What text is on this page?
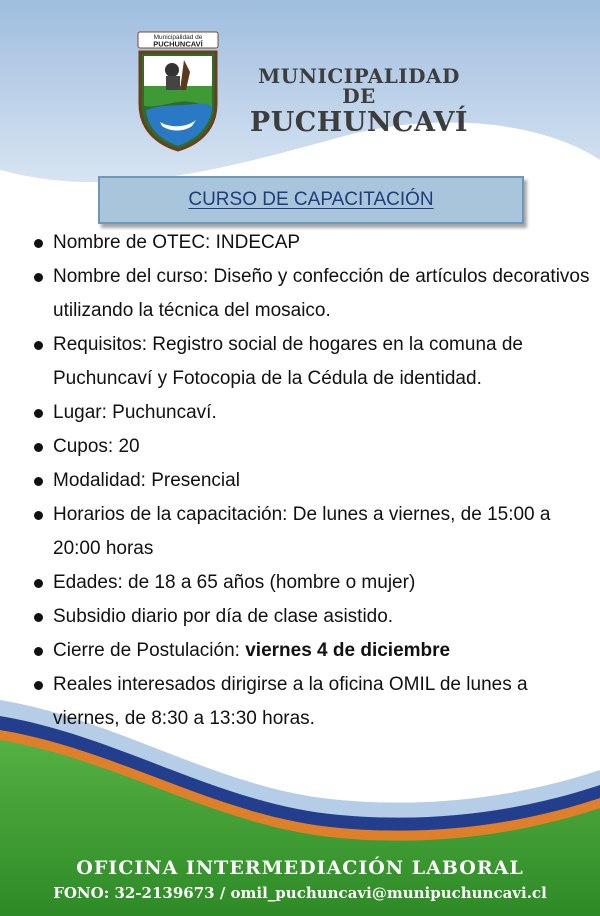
Municipalidad de
PUCHUNCAVÍ
MUNICIPALIDAD DE
PUCHUNCAVÍ
CURSO DE CAPACITACIÓN
Nombre de OTEC: INDECAP
Nombre del curso: Diseño y confección de artículos decorativos utilizando la técnica del mosaico.
Requisitos: Registro social de hogares en la comuna de Puchuncaví y Fotocopia de la Cédula de identidad.
Lugar: Puchuncaví.
Cupos: 20
Modalidad: Presencial
Horarios de la capacitación: De lunes a viernes, de 15:00 a 20:00 horas
Edades: de 18 a 65 años (hombre o mujer)
Subsidio diario por día de clase asistido.
Cierre de Postulación: viernes 4 de diciembre
Reales interesados dirigirse a la oficina OMIL de lunes a viernes, de 8:30 a 13:30 horas.
OFICINA INTERMEDIACIÓN LABORAL
FONO: 32-2139673 / omil_puchuncavi@munipuchuncavi.cl
